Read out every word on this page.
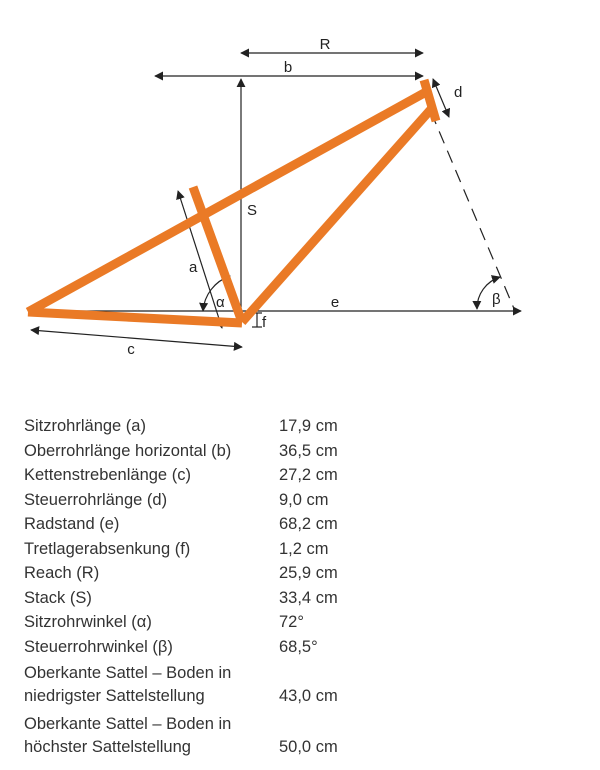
R
b
d
S
a
α
f
e	β
c
Sitzrohrlänge (a)	17,9 cm
Oberrohrlänge horizontal (b)	36,5 cm
Kettenstrebenlänge (c)	27,2 cm
Steuerrohrlänge (d)	9,0 cm
Radstand (e)	68,2 cm
Tretlagerabsenkung (f)	1,2 cm
Reach (R)	25,9 cm
Stack (S)	33,4 cm
Sitzrohrwinkel (α)	72°
Steuerrohrwinkel (β)	68,5°
Oberkante Sattel – Boden in niedrigster Sattelstellung	43,0 cm
Oberkante Sattel – Boden in höchster Sattelstellung	50,0 cm
